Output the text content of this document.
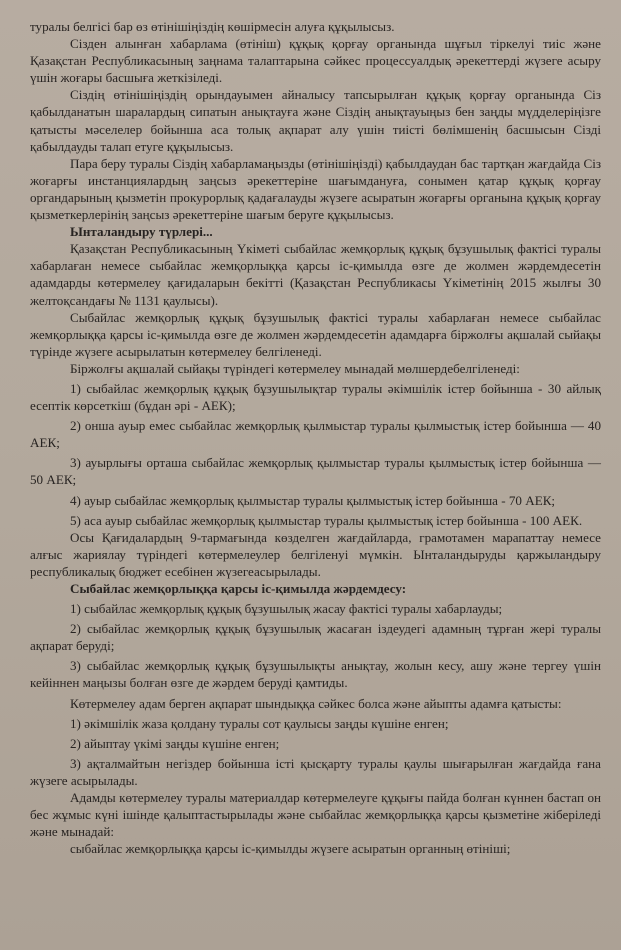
туралы белгісі бар өз өтінішіңіздің көшірмесін алуға құқылысыз.

Сізден алынған хабарлама (өтініш) құқық қорғау органында шұғыл тіркелуі тиіс және Қазақстан Республикасының заңнама талаптарына сәйкес процессуалдық әрекеттерді жүзеге асыру үшін жоғары басшыға жеткізіледі.

Сіздің өтінішіңіздің орындауымен айналысу тапсырылған құқық қорғау органында Сіз қабылданатын шаралардың сипатын анықтауға және Сіздің анықтауыңыз бен заңды мүдделеріңізге қатысты мәселелер бойынша аса толық ақпарат алу үшін тиісті бөлімшенің басшысын Сізді қабылдауды талап етуге құқылысыз.

Пара беру туралы Сіздің хабарламаңызды (өтінішіңізді) қабылдаудан бас тартқан жағдайда Сіз жоғарғы инстанциялардың заңсыз әрекеттеріне шағымдануға, сонымен қатар құқық қорғау органдарының қызметін прокурорлық қадағалауды жүзеге асыратын жоғарғы органына құқық қорғау қызметкерлерінің заңсыз әрекеттеріне шағым беруге құқылысыз.

Ынталандыру түрлері...

Қазақстан Республикасының Үкіметі сыбайлас жемқорлық құқық бұзушылық фактісі туралы хабарлаған немесе сыбайлас жемқорлыққа қарсы іс-қимылда өзге де жолмен жәрдемдесетін адамдарды көтермелеу қағидаларын бекітті (Қазақстан Республикасы Үкіметінің 2015 жылғы 30 желтоқсандағы № 1131 қаулысы).

Сыбайлас жемқорлық құқық бұзушылық фактісі туралы хабарлаған немесе сыбайлас жемқорлыққа қарсы іс-қимылда өзге де жолмен жәрдемдесетін адамдарға біржолғы ақшалай сыйақы түрінде жүзеге асырылатын көтермелеу белгіленеді.

Біржолғы ақшалай сыйақы түріндегі көтермелеу мынадай мөлшердебелгіленеді:

1) сыбайлас жемқорлық құқық бұзушылықтар туралы әкімшілік істер бойынша - 30 айлық есептік көрсеткіш (бұдан әрі - АЕК);

2) онша ауыр емес сыбайлас жемқорлық қылмыстар туралы қылмыстық істер бойынша — 40 АЕК;

3) ауырлығы орташа сыбайлас жемқорлық қылмыстар туралы қылмыстық істер бойынша — 50 АЕК;

4) ауыр сыбайлас жемқорлық қылмыстар туралы қылмыстық істер бойынша - 70 АЕК;

5) аса ауыр сыбайлас жемқорлық қылмыстар туралы қылмыстық істер бойынша - 100 АЕК.

Осы Қағидалардың 9-тармағында көзделген жағдайларда, грамотамен марапаттау немесе алғыс жариялау түріндегі көтермелеулер белгіленуі мүмкін. Ынталандыруды қаржыландыру республикалық бюджет есебінен жүзегеасырылады.

Сыбайлас жемқорлыққа қарсы іс-қимылда жәрдемдесу:

1) сыбайлас жемқорлық құқық бұзушылық жасау фактісі туралы хабарлауды;

2) сыбайлас жемқорлық құқық бұзушылық жасаған іздеудегі адамның тұрған жері туралы ақпарат беруді;

3) сыбайлас жемқорлық құқық бұзушылықты анықтау, жолын кесу, ашу және тергеу үшін кейіннен маңызы болған өзге де жәрдем беруді қамтиды.

Көтермелеу адам берген ақпарат шындыққа сәйкес болса және айыпты адамға қатысты:

1) әкімшілік жаза қолдану туралы сот қаулысы заңды күшіне енген;

2) айыптау үкімі заңды күшіне енген;

3) ақталмайтын негіздер бойынша істі қысқарту туралы қаулы шығарылған жағдайда ғана жүзеге асырылады.

Адамды көтермелеу туралы материалдар көтермелеуге құқығы пайда болған күннен бастап он бес жұмыс күні ішінде қалыптастырылады және сыбайлас жемқорлыққа қарсы қызметіне жіберіледі және мынадай:

сыбайлас жемқорлыққа қарсы іс-қимылды жүзеге асыратын органның өтініші;
